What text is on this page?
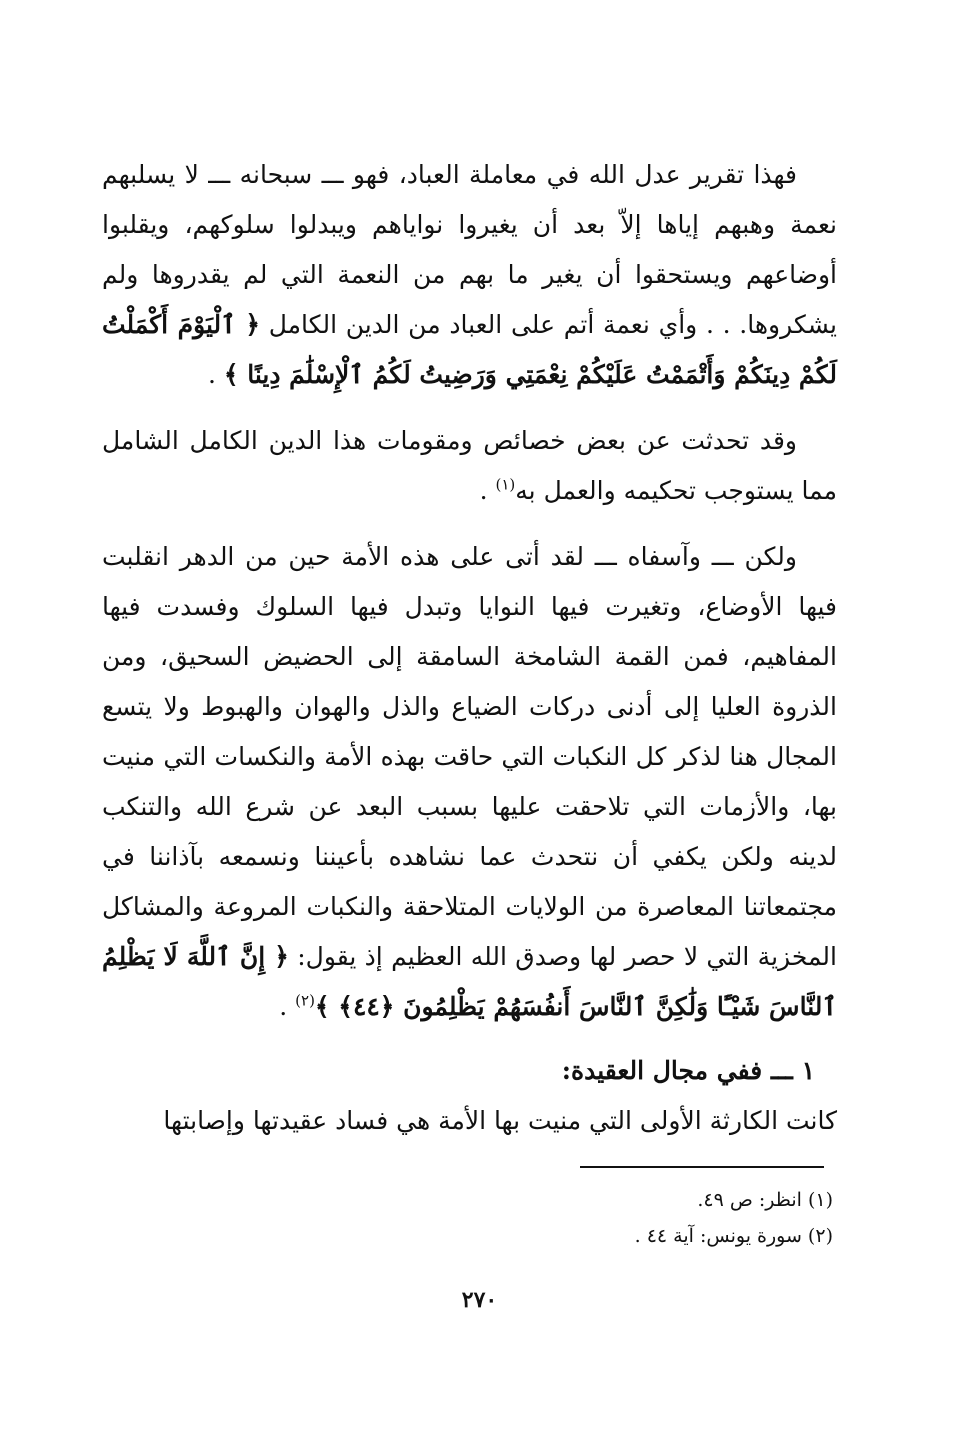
فهذا تقرير عدل الله في معاملة العباد، فهو ـــ سبحانه ـــ لا يسلبهم نعمة وهبهم إياها إلاّ بعد أن يغيروا نواياهم ويبدلوا سلوكهم، ويقلبوا أوضاعهم ويستحقوا أن يغير ما بهم من النعمة التي لم يقدروها ولم يشكروها. . . وأي نعمة أتم على العباد من الدين الكامل ﴿ ٱلْيَوْمَ أَكْمَلْتُ لَكُمْ دِينَكُمْ وَأَتْمَمْتُ عَلَيْكُمْ نِعْمَتِي وَرَضِيتُ لَكُمُ ٱلْإِسْلَٰمَ دِينًا ﴾ .

وقد تحدثت عن بعض خصائص ومقومات هذا الدين الكامل الشامل مما يستوجب تحكيمه والعمل به$^{(١)}$ .

ولكن ـــ وآسفاه ـــ لقد أتى على هذه الأمة حين من الدهر انقلبت فيها الأوضاع، وتغيرت فيها النوايا وتبدل فيها السلوك وفسدت فيها المفاهيم، فمن القمة الشامخة السامقة إلى الحضيض السحيق، ومن الذروة العليا إلى أدنى دركات الضياع والذل والهوان والهبوط ولا يتسع المجال هنا لذكر كل النكبات التي حاقت بهذه الأمة والنكسات التي منيت بها، والأزمات التي تلاحقت عليها بسبب البعد عن شرع الله والتنكب لدينه ولكن يكفي أن نتحدث عما نشاهده بأعيننا ونسمعه بآذاننا في مجتمعاتنا المعاصرة من الولايات المتلاحقة والنكبات المروعة والمشاكل المخزية التي لا حصر لها وصدق الله العظيم إذ يقول: ﴿ إِنَّ ٱللَّهَ لَا يَظْلِمُ ٱلنَّاسَ شَيْـًٔا وَلَٰكِنَّ ٱلنَّاسَ أَنفُسَهُمْ يَظْلِمُونَ ﴿٤٤﴾ ﴾$^{(٢)}$ .

١ ـــ ففي مجال العقيدة:

كانت الكارثة الأولى التي منيت بها الأمة هي فساد عقيدتها وإصابتها

(١) انظر: ص ٤٩.

(٢) سورة يونس: آية ٤٤ .

٢٧٠
